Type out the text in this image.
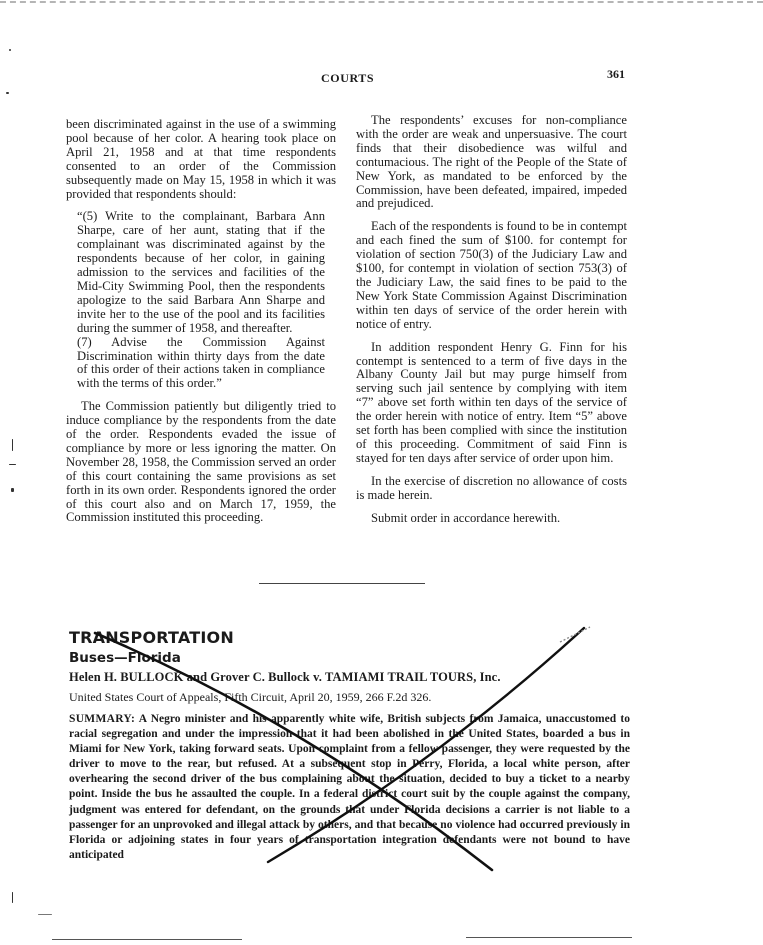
COURTS	361

been discriminated against in the use of a swimming pool because of her color. A hearing took place on April 21, 1958 and at that time respondents consented to an order of the Commission subsequently made on May 15, 1958 in which it was provided that respondents should:

“(5) Write to the complainant, Barbara Ann Sharpe, care of her aunt, stating that if the complainant was discriminated against by the respondents because of her color, in gaining admission to the services and facilities of the Mid-City Swimming Pool, then the respondents apologize to the said Barbara Ann Sharpe and invite her to the use of the pool and its facilities during the summer of 1958, and thereafter.

(7) Advise the Commission Against Discrimination within thirty days from the date of this order of their actions taken in compliance with the terms of this order.”

The Commission patiently but diligently tried to induce compliance by the respondents from the date of the order. Respondents evaded the issue of compliance by more or less ignoring the matter. On November 28, 1958, the Commission served an order of this court containing the same provisions as set forth in its own order. Respondents ignored the order of this court also and on March 17, 1959, the Commission instituted this proceeding.

The respondents’ excuses for non-compliance with the order are weak and unpersuasive. The court finds that their disobedience was wilful and contumacious. The right of the People of the State of New York, as mandated to be enforced by the Commission, have been defeated, impaired, impeded and prejudiced.

Each of the respondents is found to be in contempt and each fined the sum of $100. for contempt for violation of section 750(3) of the Judiciary Law and $100, for contempt in violation of section 753(3) of the Judiciary Law, the said fines to be paid to the New York State Commission Against Discrimination within ten days of service of the order herein with notice of entry.

In addition respondent Henry G. Finn for his contempt is sentenced to a term of five days in the Albany County Jail but may purge himself from serving such jail sentence by complying with item “7” above set forth within ten days of the service of the order herein with notice of entry. Item “5” above set forth has been complied with since the institution of this proceeding. Commitment of said Finn is stayed for ten days after service of order upon him.

In the exercise of discretion no allowance of costs is made herein.

Submit order in accordance herewith.

TRANSPORTATION
Buses—Florida
Helen H. BULLOCK and Grover C. Bullock v. TAMIAMI TRAIL TOURS, Inc.
United States Court of Appeals, Fifth Circuit, April 20, 1959, 266 F.2d 326.

SUMMARY: A Negro minister and his apparently white wife, British subjects from Jamaica, unaccustomed to racial segregation and under the impression that it had been abolished in the United States, boarded a bus in Miami for New York, taking forward seats. Upon complaint from a fellow passenger, they were requested by the driver to move to the rear, but refused. At a subsequent stop in Perry, Florida, a local white person, after overhearing the second driver of the bus complaining about the situation, decided to buy a ticket to a nearby point. Inside the bus he assaulted the couple. In a federal district court suit by the couple against the company, judgment was entered for defendant, on the grounds that under Florida decisions a carrier is not liable to a passenger for an unprovoked and illegal attack by others, and that because no violence had occurred previously in Florida or adjoining states in four years of transportation integration defendants were not bound to have anticipated
